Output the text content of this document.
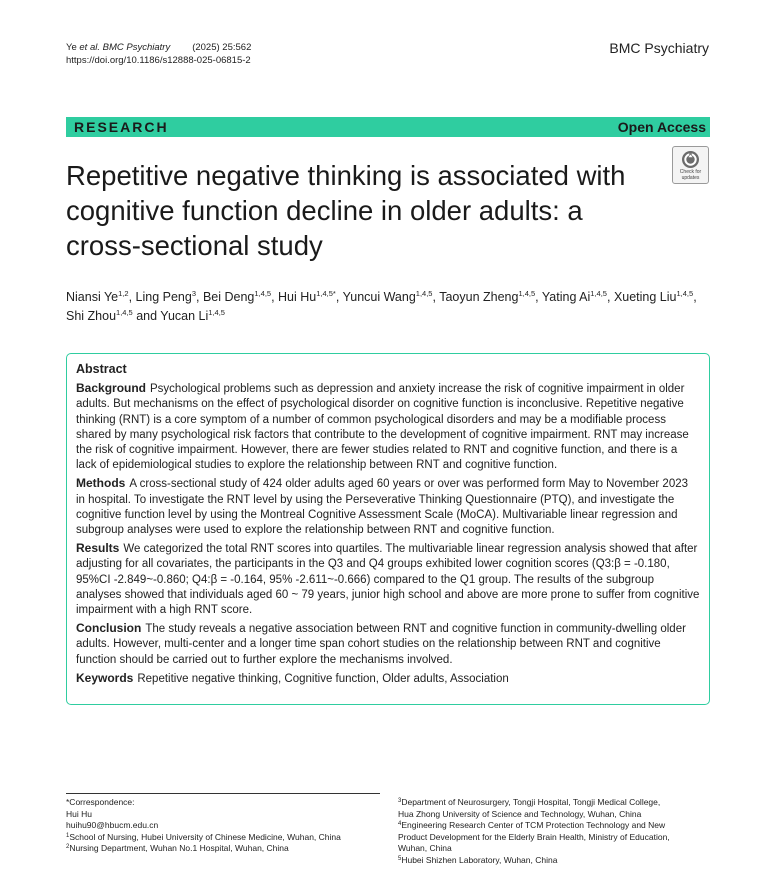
Ye et al. BMC Psychiatry (2025) 25:562
https://doi.org/10.1186/s12888-025-06815-2
BMC Psychiatry
RESEARCH	Open Access
Repetitive negative thinking is associated with cognitive function decline in older adults: a cross-sectional study
Check for
updates
Niansi Ye$^{1,2}$, Ling Peng$^3$, Bei Deng$^{1,4,5}$, Hui $Hu^{1,4,5*}$, Yuncui Wang$^{1,4,5}$, Taoyun Zheng$^{1,4,5}$, Yating Ai$^{1,4,5}$, Xueting Liu$^{1,4,5}$, Shi Zhou$^{1,4,5}$ and Yucan Li$^{1,4,5}$
Abstract

Background Psychological problems such as depression and anxiety increase the risk of cognitive impairment in older adults. But mechanisms on the effect of psychological disorder on cognitive function is inconclusive. Repetitive negative thinking (RNT) is a core symptom of a number of common psychological disorders and may be a modifiable process shared by many psychological risk factors that contribute to the development of cognitive impairment. RNT may increase the risk of cognitive impairment. However, there are fewer studies related to RNT and cognitive function, and there is a lack of epidemiological studies to explore the relationship between RNT and cognitive function.

Methods A cross-sectional study of 424 older adults aged 60 years or over was performed form May to November 2023 in hospital. To investigate the RNT level by using the Perseverative Thinking Questionnaire (PTQ), and investigate the cognitive function level by using the Montreal Cognitive Assessment Scale (MoCA). Multivariable linear regression and subgroup analyses were used to explore the relationship between RNT and cognitive function.

Results We categorized the total RNT scores into quartiles. The multivariable linear regression analysis showed that after adjusting for all covariates, the participants in the Q3 and Q4 groups exhibited lower cognition scores (Q3:β = -0.180, 95%CI -2.849~-0.860; Q4:β = -0.164, 95% -2.611~-0.666) compared to the Q1 group. The results of the subgroup analyses showed that individuals aged 60 ~ 79 years, junior high school and above are more prone to suffer from cognitive impairment with a high RNT score.

Conclusion The study reveals a negative association between RNT and cognitive function in community-dwelling older adults. However, multi-center and a longer time span cohort studies on the relationship between RNT and cognitive function should be carried out to further explore the mechanisms involved.

Keywords Repetitive negative thinking, Cognitive function, Older adults, Association

*Correspondence:
Hui Hu
huihu90@hbucm.edu.cn
$^1$School of Nursing, Hubei University of Chinese Medicine, Wuhan, China
$^2$Nursing Department, Wuhan No.1 Hospital, Wuhan, China
$^3$Department of Neurosurgery, Tongji Hospital, Tongji Medical College,
Hua Zhong University of Science and Technology, Wuhan, China
$^4$Engineering Research Center of TCM Protection Technology and New
Product Development for the Elderly Brain Health, Ministry of Education,
Wuhan, China
$^5$Hubei Shizhen Laboratory, Wuhan, China
